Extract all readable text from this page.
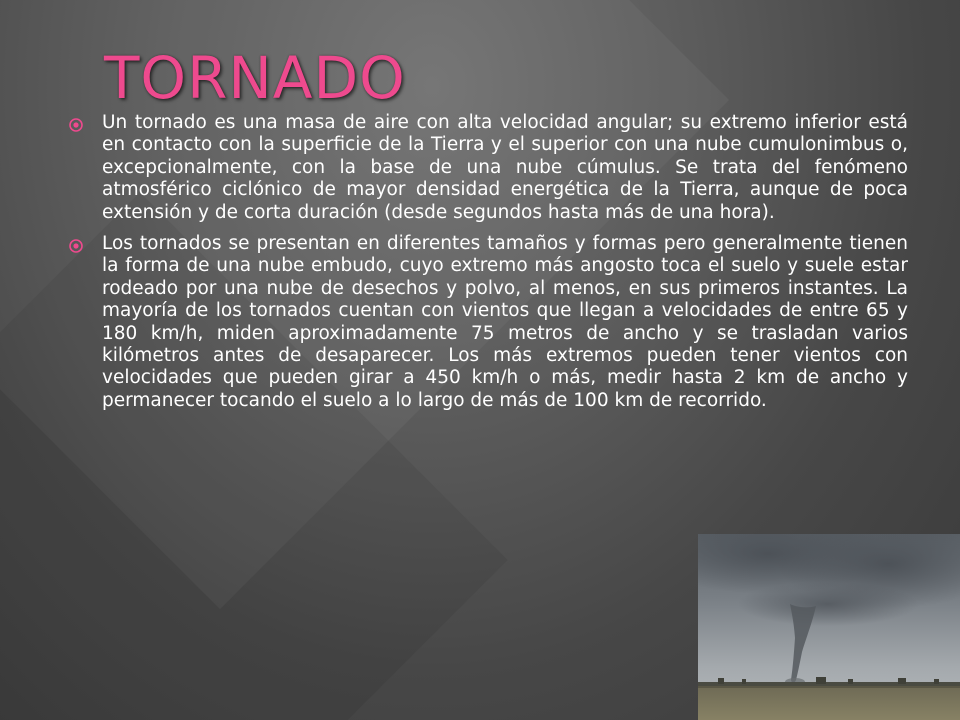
TORNADO

Un tornado es una masa de aire con alta velocidad angular; su extremo inferior está en contacto con la superficie de la Tierra y el superior con una nube cumulonimbus o, excepcionalmente, con la base de una nube cúmulus. Se trata del fenómeno atmosférico ciclónico de mayor densidad energética de la Tierra, aunque de poca extensión y de corta duración (desde segundos hasta más de una hora).

Los tornados se presentan en diferentes tamaños y formas pero generalmente tienen la forma de una nube embudo, cuyo extremo más angosto toca el suelo y suele estar rodeado por una nube de desechos y polvo, al menos, en sus primeros instantes. La mayoría de los tornados cuentan con vientos que llegan a velocidades de entre 65 y 180 km/h, miden aproximadamente 75 metros de ancho y se trasladan varios kilómetros antes de desaparecer. Los más extremos pueden tener vientos con velocidades que pueden girar a 450 km/h o más, medir hasta 2 km de ancho y permanecer tocando el suelo a lo largo de más de 100 km de recorrido.
